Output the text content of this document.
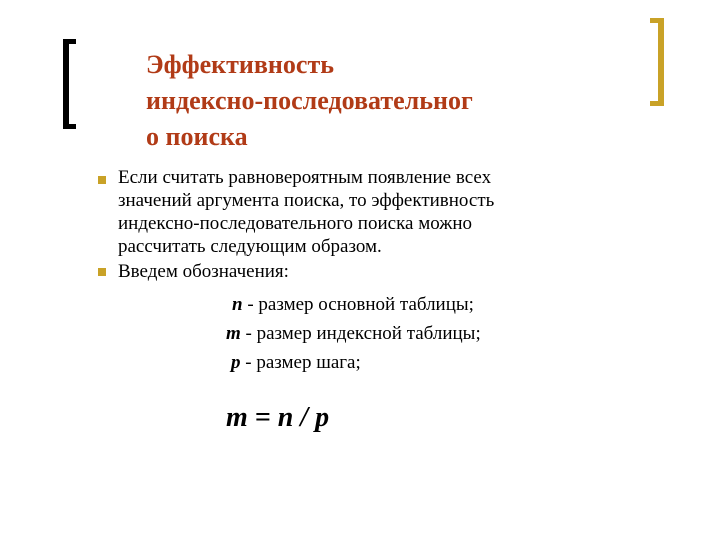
Эффективность
индексно-последовательног
о поиска

Если считать равновероятным появление всех
значений аргумента поиска, то эффективность
индексно-последовательного поиска можно
рассчитать следующим образом.

Введем обозначения:

n - размер основной таблицы;
m - размер индексной таблицы;
p - размер шага;
m = n / p
